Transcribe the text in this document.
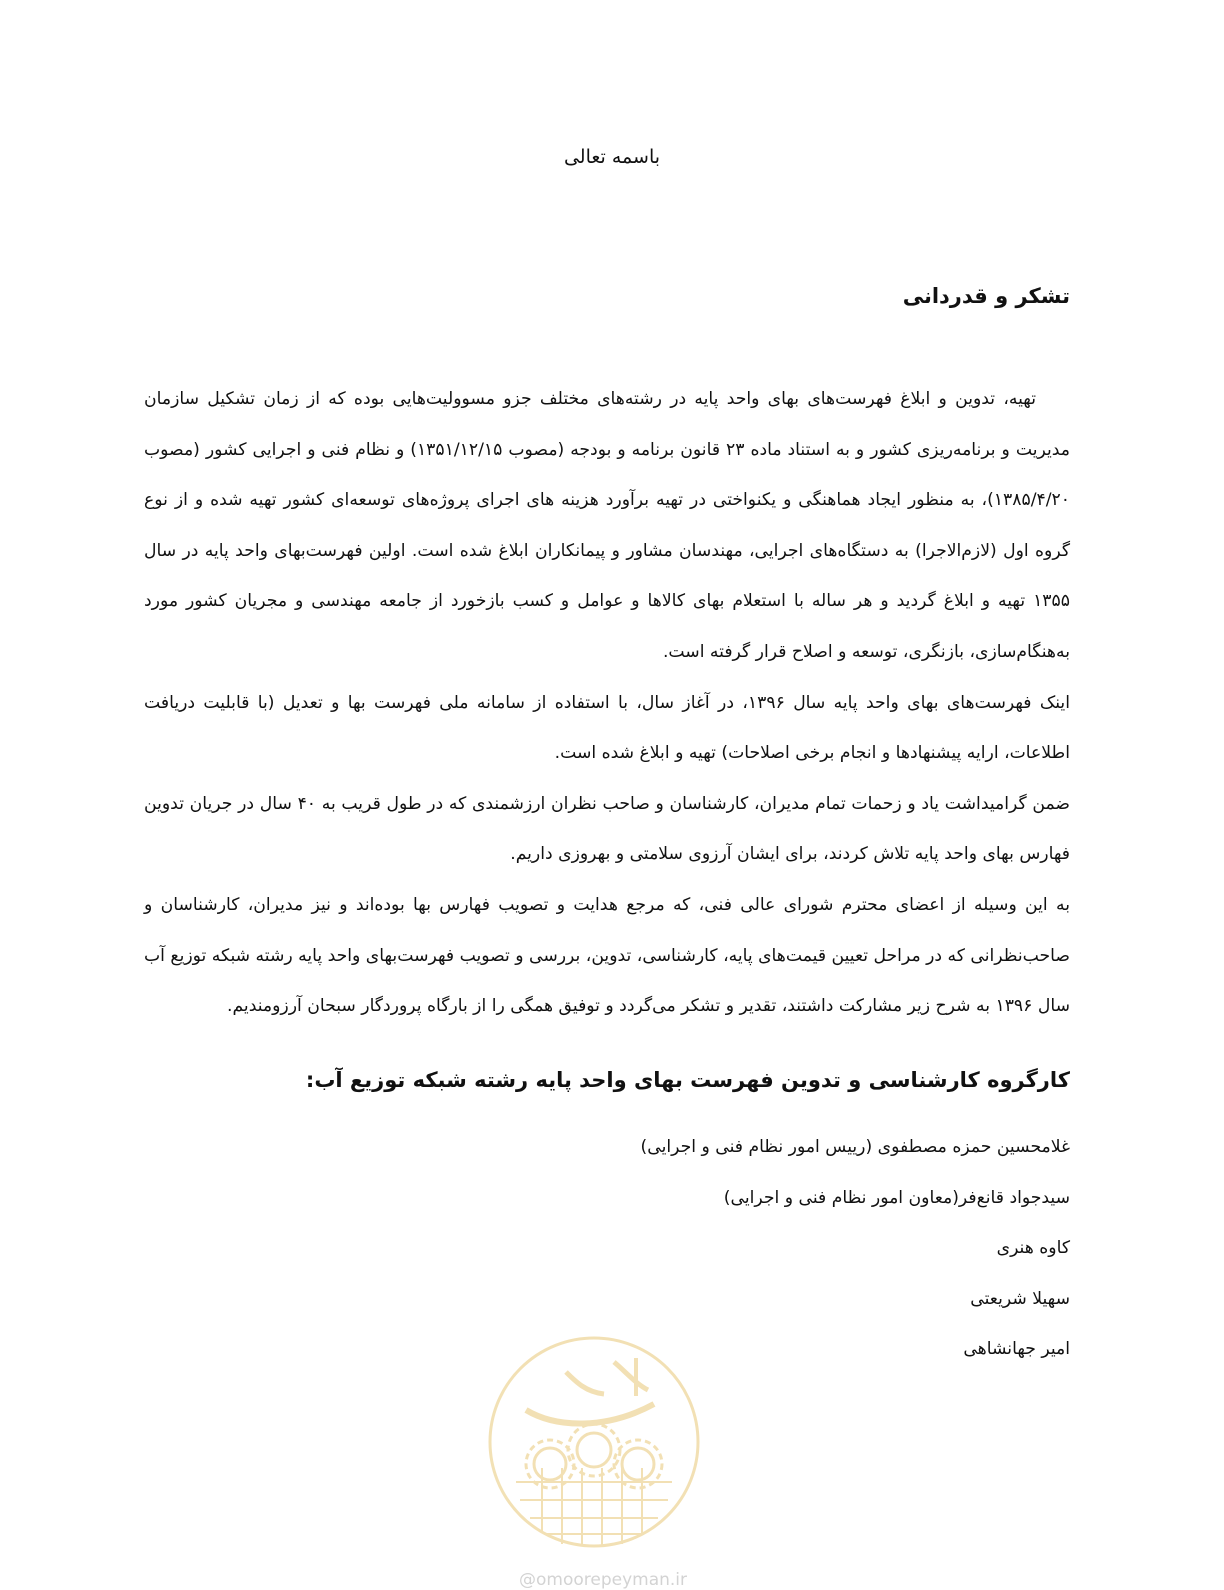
باسمه تعالی
تشکر و قدردانی

تهیه، تدوین و ابلاغ فهرست‌های بهای واحد پایه در رشته‌های مختلف جزو مسوولیت‌هایی بوده که از زمان تشکیل سازمان مدیریت و برنامه‌ریزی کشور و به استناد ماده ۲۳ قانون برنامه و بودجه (مصوب ۱۳۵۱/۱۲/۱۵) و نظام فنی و اجرایی کشور (مصوب ۱۳۸۵/۴/۲۰)، به منظور ایجاد هماهنگی و یکنواختی در تهیه برآورد هزینه های اجرای پروژه‌های توسعه‌ای کشور تهیه شده و از نوع گروه اول (لازم‌الاجرا) به دستگاه‌های اجرایی، مهندسان مشاور و پیمانکاران ابلاغ شده است. اولین فهرست‌بهای واحد پایه در سال ۱۳۵۵ تهیه و ابلاغ گردید و هر ساله با استعلام بهای کالاها و عوامل و کسب بازخورد از جامعه مهندسی و مجریان کشور مورد به‌هنگام‌سازی، بازنگری، توسعه و اصلاح قرار گرفته است.

اینک فهرست‌های بهای واحد پایه سال ۱۳۹۶، در آغاز سال، با استفاده از سامانه ملی فهرست بها و تعدیل (با قابلیت دریافت اطلاعات، ارایه پیشنهادها و انجام برخی اصلاحات) تهیه و ابلاغ شده است.

ضمن گرامیداشت یاد و زحمات تمام مدیران، کارشناسان و صاحب نظران ارزشمندی که در طول قریب به ۴۰ سال در جریان تدوین فهارس بهای واحد پایه تلاش کردند، برای ایشان آرزوی سلامتی و بهروزی داریم.

به این وسیله از اعضای محترم شورای عالی فنی، که مرجع هدایت و تصویب فهارس بها بوده‌اند و نیز مدیران، کارشناسان و صاحب‌نظرانی که در مراحل تعیین قیمت‌های پایه، کارشناسی، تدوین، بررسی و تصویب فهرست‌بهای واحد پایه رشته شبکه توزیع آب سال ۱۳۹۶ به شرح زیر مشارکت داشتند، تقدیر و تشکر می‌گردد و توفیق همگی را از بارگاه پروردگار سبحان آرزومندیم.

کارگروه کارشناسی و تدوین فهرست بهای واحد پایه رشته شبکه توزیع آب:
غلامحسین حمزه مصطفوی (رییس امور نظام فنی و اجرایی)
سیدجواد قانع‌فر(معاون امور نظام فنی و اجرایی)
کاوه هنری
سهیلا شریعتی
امیر جهانشاهی
@omoorepeyman.ir
